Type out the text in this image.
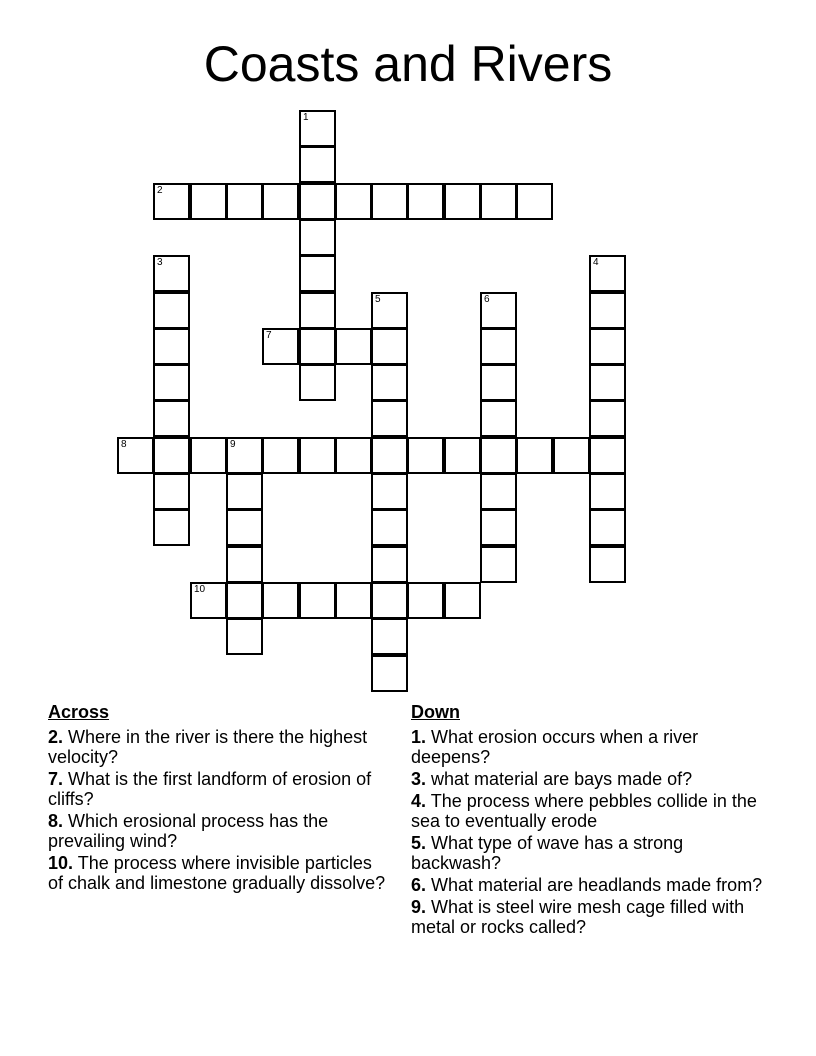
Coasts and Rivers
1
2
3	4
5	6
7
8	9
10
Across
2. Where in the river is there the highest velocity?
7. What is the first landform of erosion of cliffs?
8. Which erosional process has the prevailing wind?
10. The process where invisible particles of chalk and limestone gradually dissolve?
Down
1. What erosion occurs when a river deepens?
3. what material are bays made of?
4. The process where pebbles collide in the sea to eventually erode
5. What type of wave has a strong backwash?
6. What material are headlands made from?
9. What is steel wire mesh cage filled with metal or rocks called?
